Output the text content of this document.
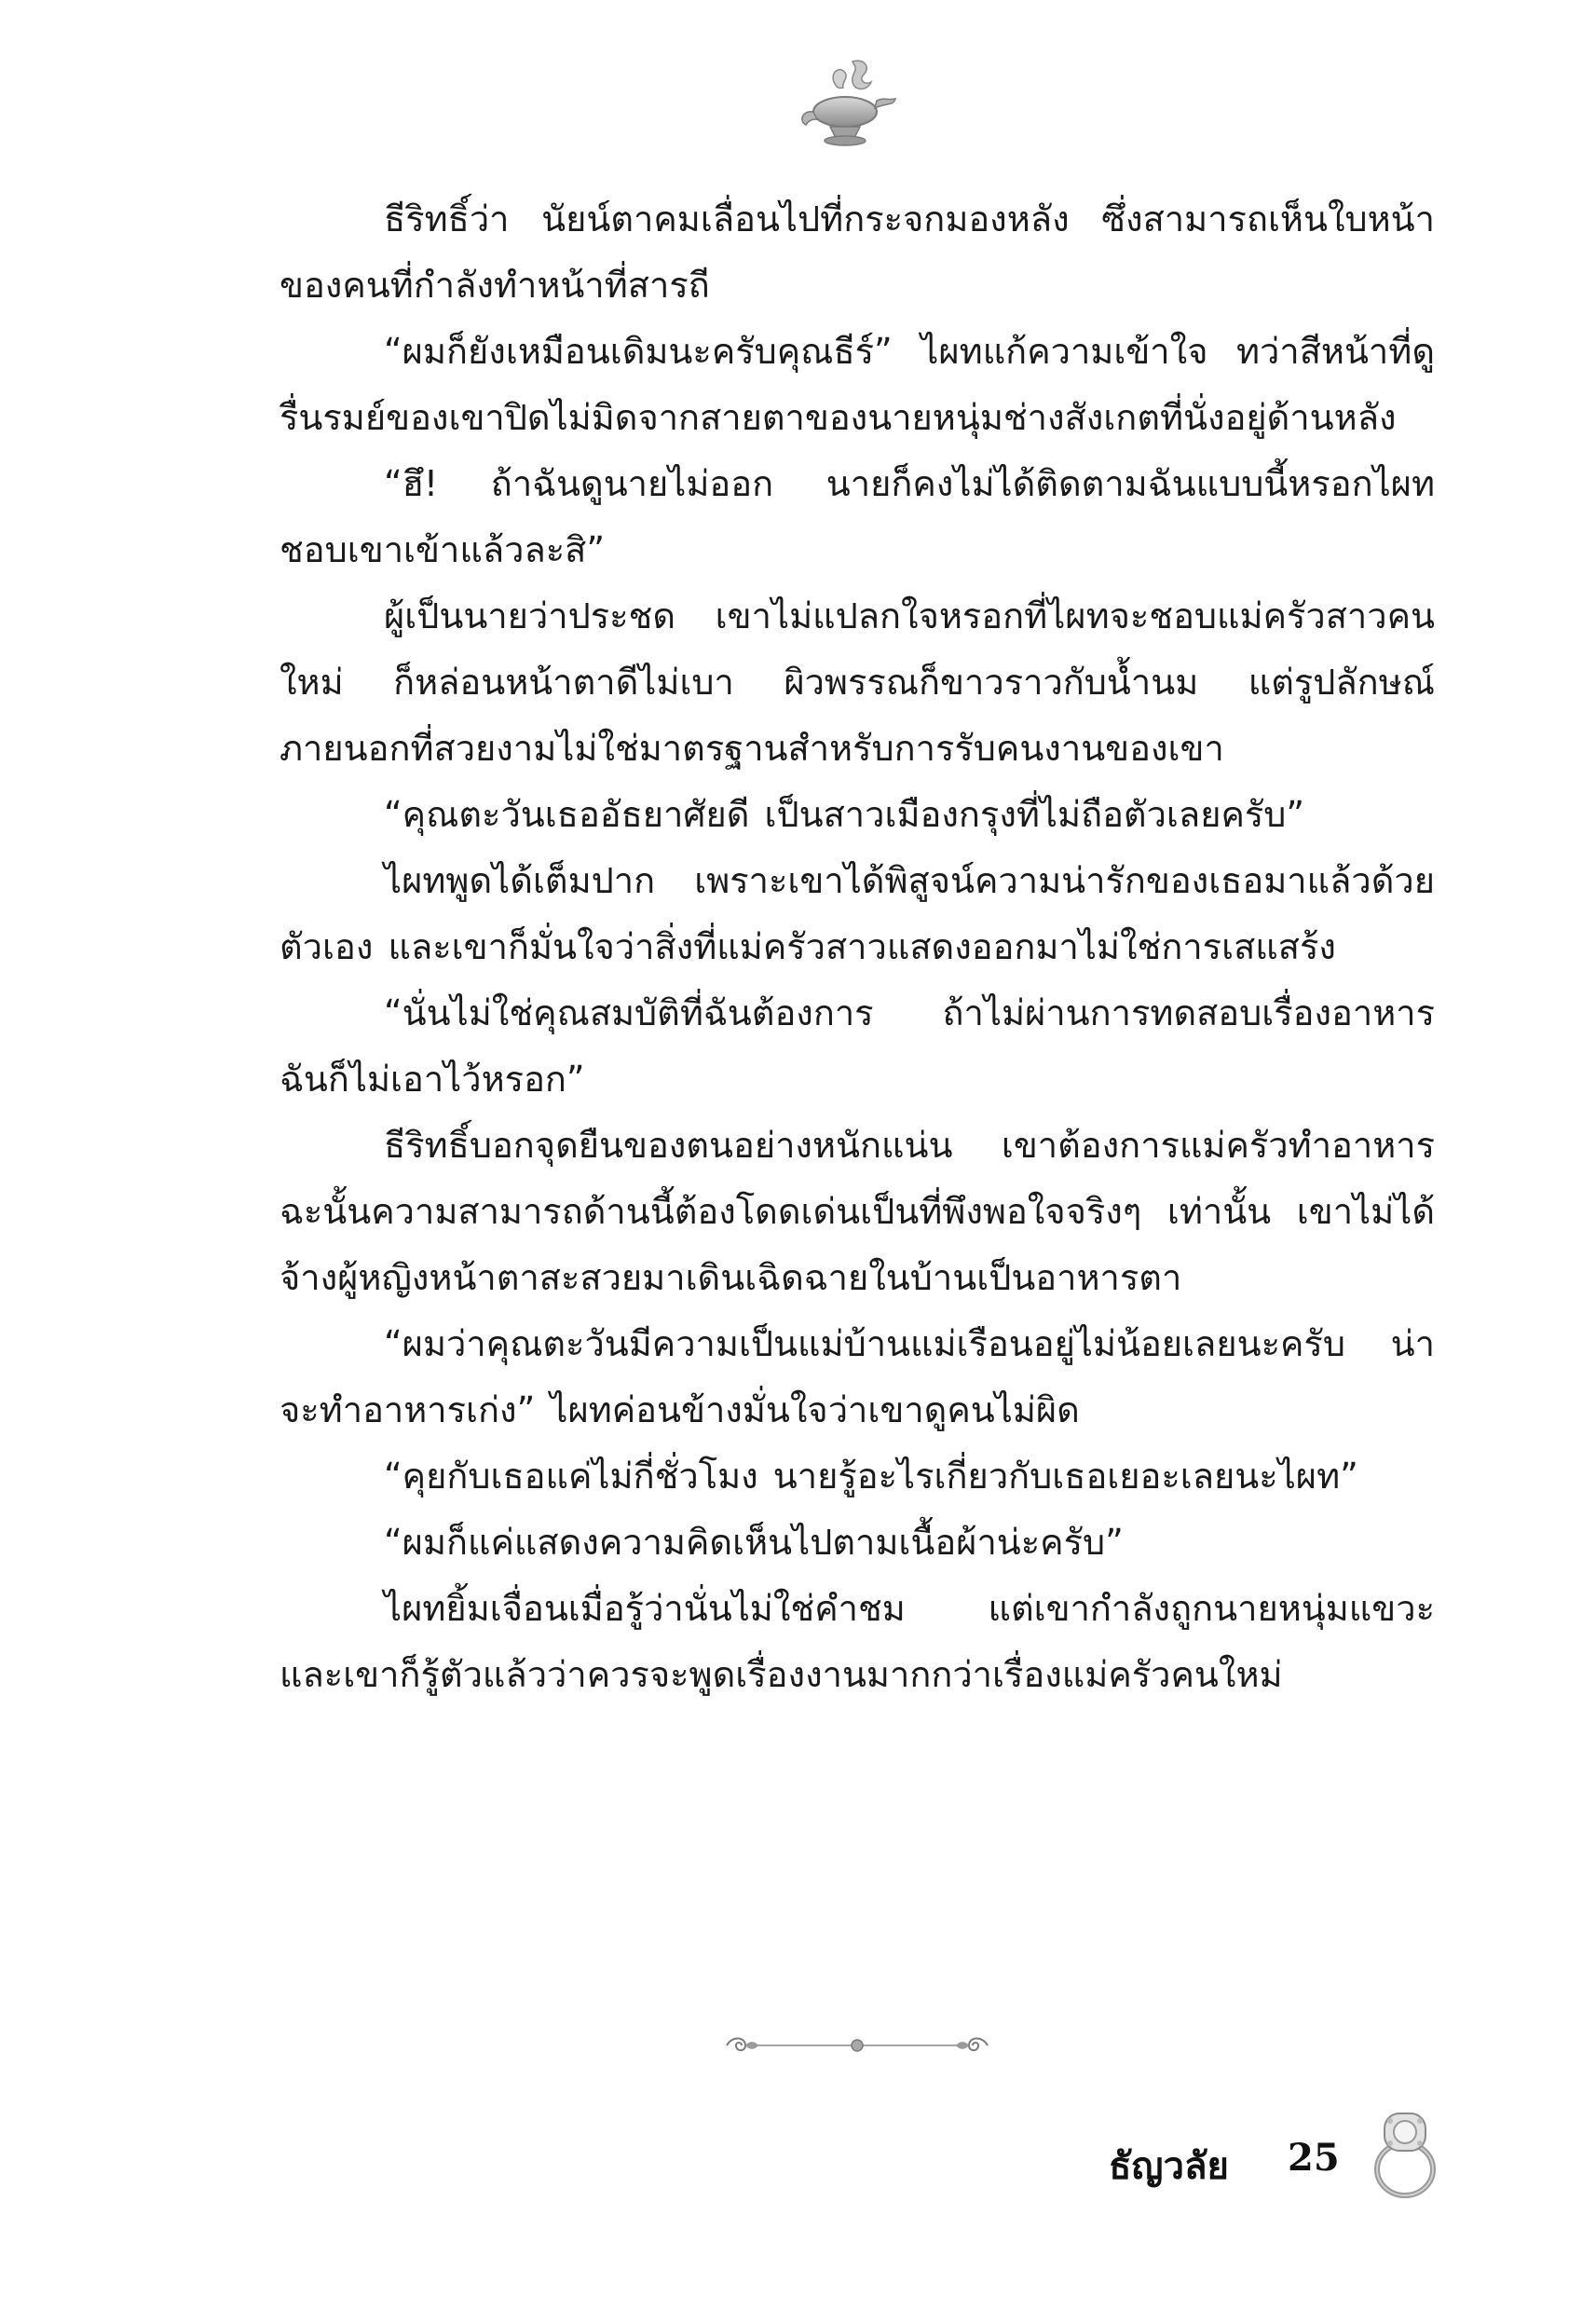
ธีริทธิ์ว่า นัยน์ตาคมเลื่อนไปที่กระจกมองหลัง ซึ่งสามารถเห็นใบหน้าของคนที่กำลังทำหน้าที่สารถี

“ผมก็ยังเหมือนเดิมนะครับคุณธีร์” ไผทแก้ความเข้าใจ ทว่าสีหน้าที่ดูรื่นรมย์ของเขาปิดไม่มิดจากสายตาของนายหนุ่มช่างสังเกตที่นั่งอยู่ด้านหลัง

“ฮึ! ถ้าฉันดูนายไม่ออก นายก็คงไม่ได้ติดตามฉันแบบนี้หรอกไผท ชอบเขาเข้าแล้วละสิ”

ผู้เป็นนายว่าประชด เขาไม่แปลกใจหรอกที่ไผทจะชอบแม่ครัวสาวคนใหม่ ก็หล่อนหน้าตาดีไม่เบา ผิวพรรณก็ขาวราวกับน้ำนม แต่รูปลักษณ์ภายนอกที่สวยงามไม่ใช่มาตรฐานสำหรับการรับคนงานของเขา

“คุณตะวันเธออัธยาศัยดี เป็นสาวเมืองกรุงที่ไม่ถือตัวเลยครับ”

ไผทพูดได้เต็มปาก เพราะเขาได้พิสูจน์ความน่ารักของเธอมาแล้วด้วยตัวเอง และเขาก็มั่นใจว่าสิ่งที่แม่ครัวสาวแสดงออกมาไม่ใช่การเสแสร้ง

“นั่นไม่ใช่คุณสมบัติที่ฉันต้องการ ถ้าไม่ผ่านการทดสอบเรื่องอาหาร ฉันก็ไม่เอาไว้หรอก”

ธีริทธิ์บอกจุดยืนของตนอย่างหนักแน่น เขาต้องการแม่ครัวทำอาหาร ฉะนั้นความสามารถด้านนี้ต้องโดดเด่นเป็นที่พึงพอใจจริงๆ เท่านั้น เขาไม่ได้จ้างผู้หญิงหน้าตาสะสวยมาเดินเฉิดฉายในบ้านเป็นอาหารตา

“ผมว่าคุณตะวันมีความเป็นแม่บ้านแม่เรือนอยู่ไม่น้อยเลยนะครับ น่าจะทำอาหารเก่ง” ไผทค่อนข้างมั่นใจว่าเขาดูคนไม่ผิด

“คุยกับเธอแค่ไม่กี่ชั่วโมง นายรู้อะไรเกี่ยวกับเธอเยอะเลยนะไผท”

“ผมก็แค่แสดงความคิดเห็นไปตามเนื้อผ้าน่ะครับ”

ไผทยิ้มเจื่อนเมื่อรู้ว่านั่นไม่ใช่คำชม แต่เขากำลังถูกนายหนุ่มแขวะ และเขาก็รู้ตัวแล้วว่าควรจะพูดเรื่องงานมากกว่าเรื่องแม่ครัวคนใหม่

ธัญวลัย 25
